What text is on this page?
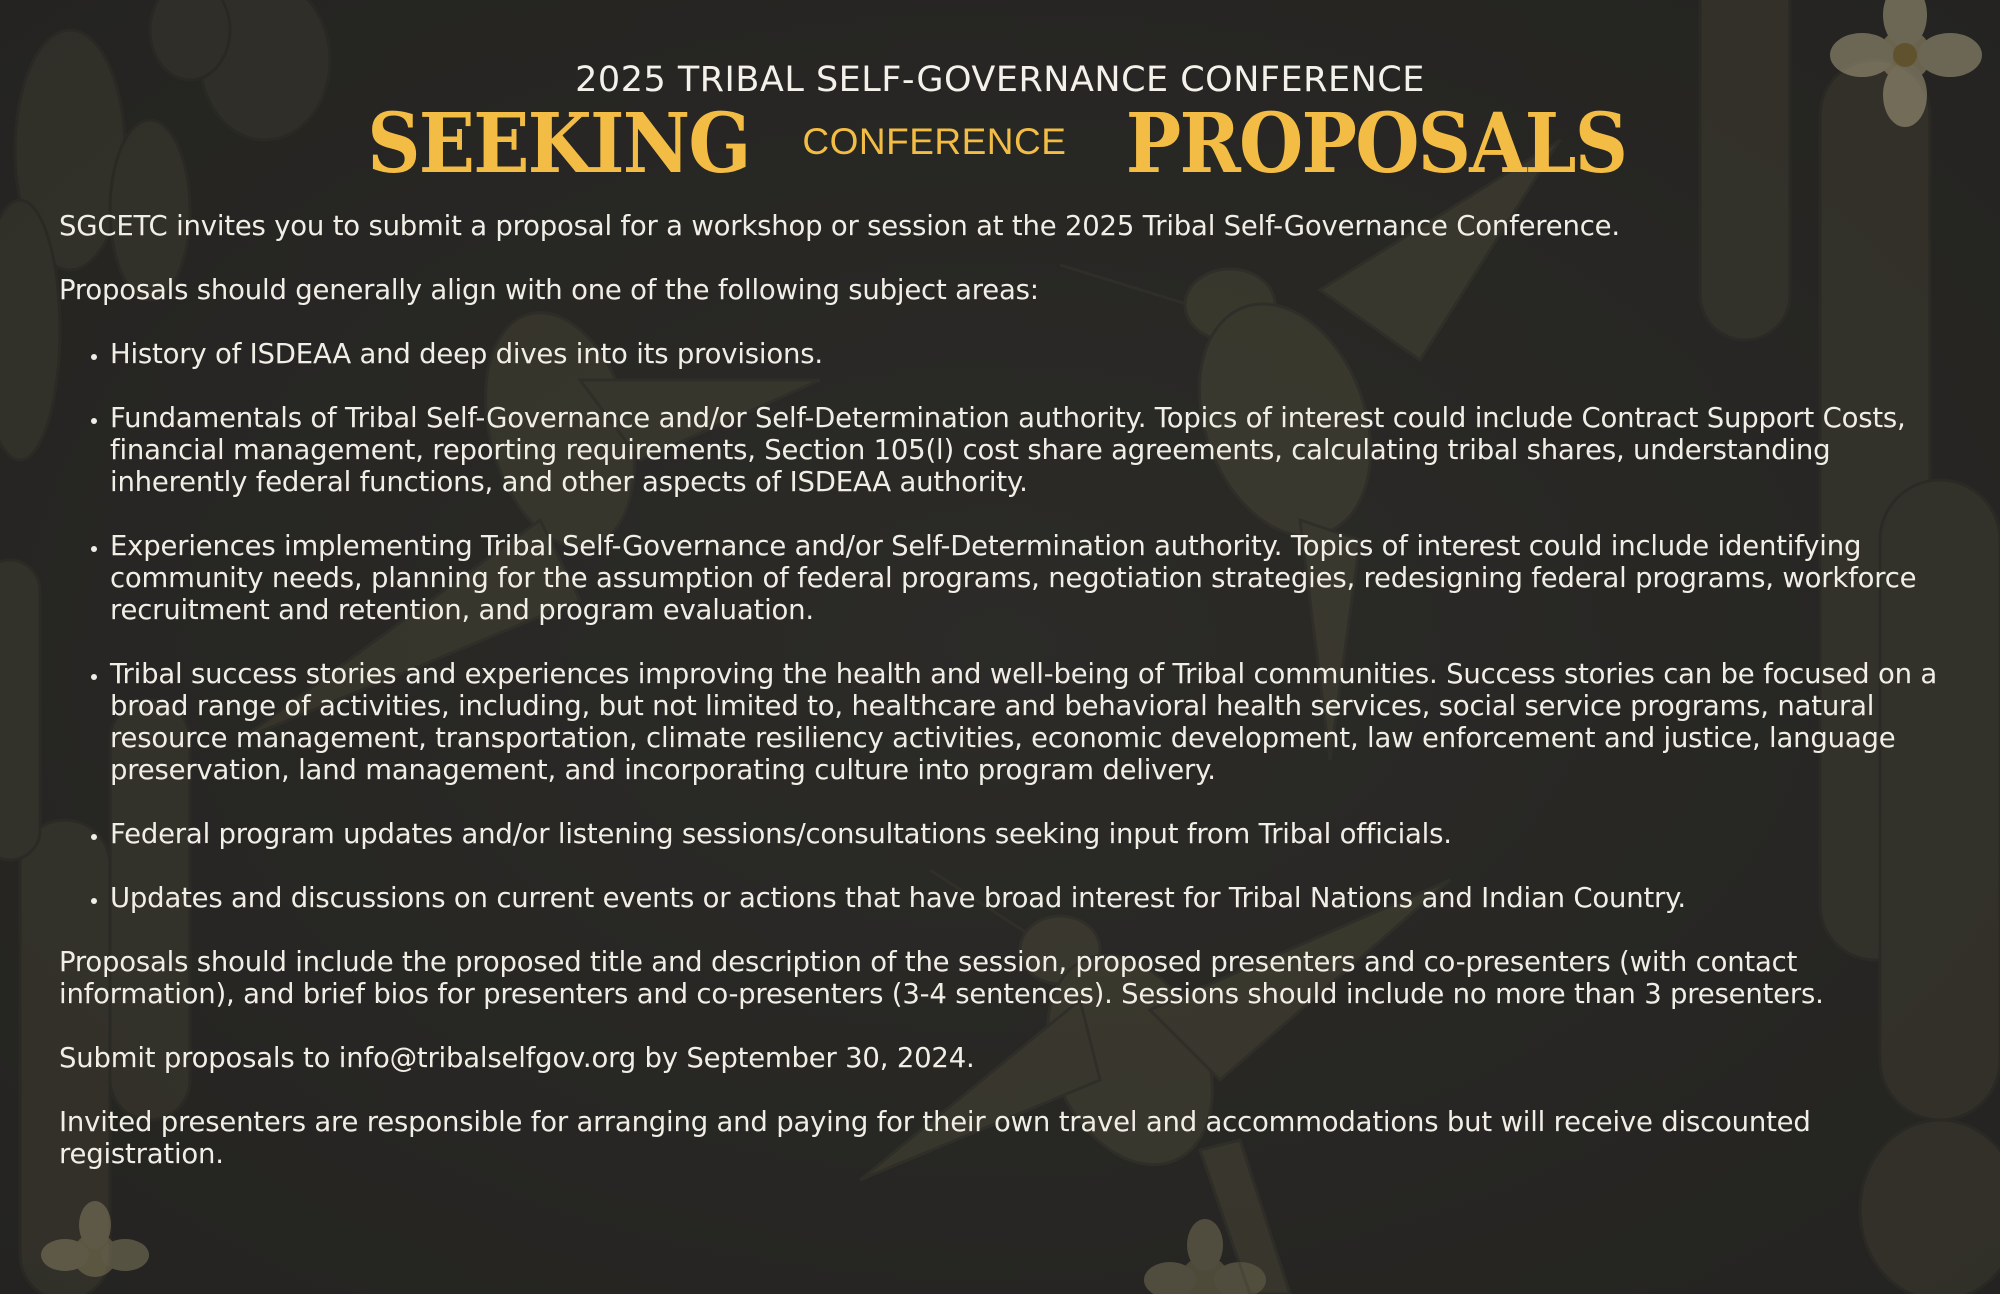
2025 TRIBAL SELF-GOVERNANCE CONFERENCE
SEEKING CONFERENCE PROPOSALS

SGCETC invites you to submit a proposal for a workshop or session at the 2025 Tribal Self-Governance Conference.

Proposals should generally align with one of the following subject areas:

• History of ISDEAA and deep dives into its provisions.
• Fundamentals of Tribal Self-Governance and/or Self-Determination authority. Topics of interest could include Contract Support Costs, financial management, reporting requirements, Section 105(l) cost share agreements, calculating tribal shares, understanding inherently federal functions, and other aspects of ISDEAA authority.
• Experiences implementing Tribal Self-Governance and/or Self-Determination authority. Topics of interest could include identifying community needs, planning for the assumption of federal programs, negotiation strategies, redesigning federal programs, workforce recruitment and retention, and program evaluation.
• Tribal success stories and experiences improving the health and well-being of Tribal communities. Success stories can be focused on a broad range of activities, including, but not limited to, healthcare and behavioral health services, social service programs, natural resource management, transportation, climate resiliency activities, economic development, law enforcement and justice, language preservation, land management, and incorporating culture into program delivery.
• Federal program updates and/or listening sessions/consultations seeking input from Tribal officials.
• Updates and discussions on current events or actions that have broad interest for Tribal Nations and Indian Country.

Proposals should include the proposed title and description of the session, proposed presenters and co-presenters (with contact information), and brief bios for presenters and co-presenters (3-4 sentences). Sessions should include no more than 3 presenters.

Submit proposals to info@tribalselfgov.org by September 30, 2024.

Invited presenters are responsible for arranging and paying for their own travel and accommodations but will receive discounted registration.
